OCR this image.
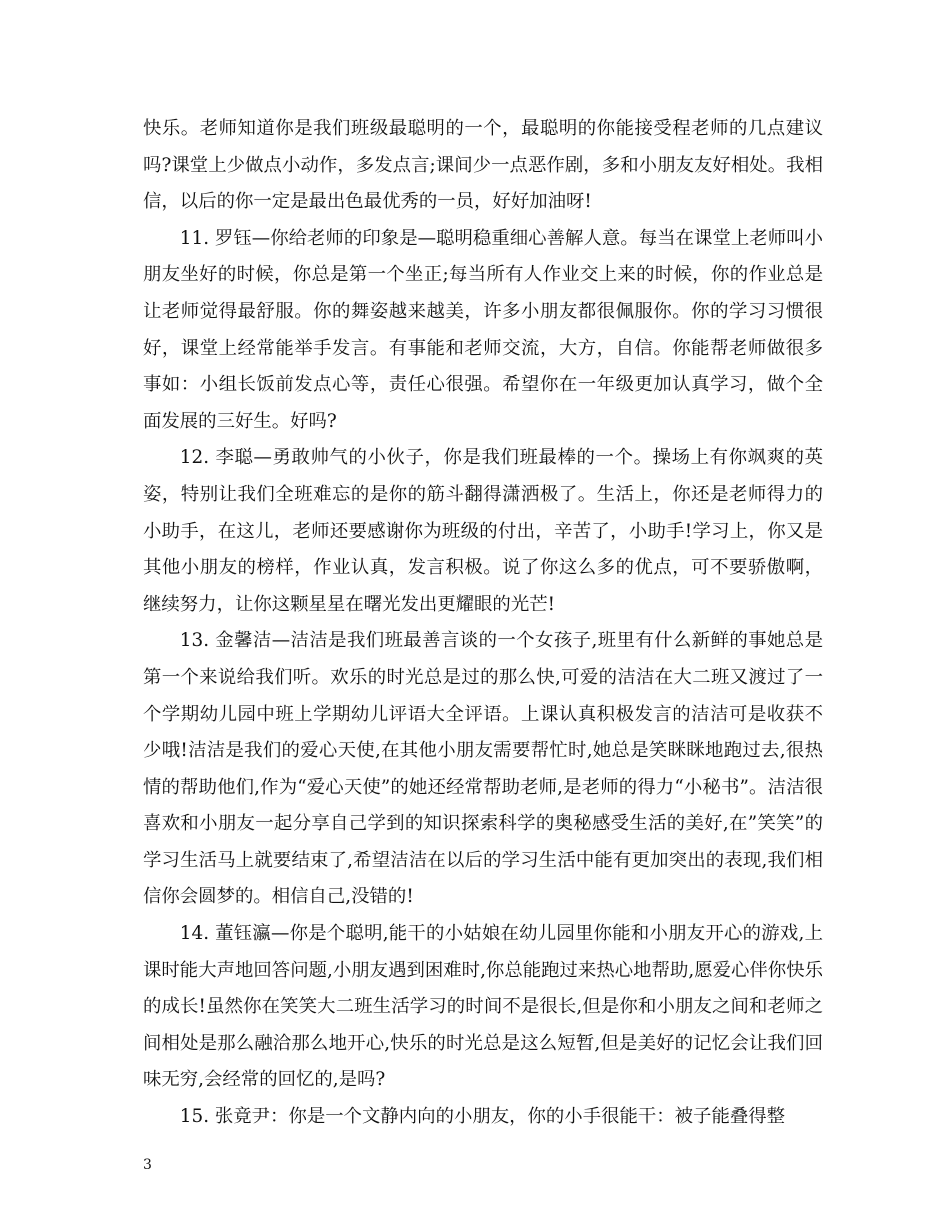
快乐。老师知道你是我们班级最聪明的一个，最聪明的你能接受程老师的几点建议吗?课堂上少做点小动作，多发点言;课间少一点恶作剧，多和小朋友友好相处。我相信，以后的你一定是最出色最优秀的一员，好好加油呀!

11. 罗钰—你给老师的印象是—聪明稳重细心善解人意。每当在课堂上老师叫小朋友坐好的时候，你总是第一个坐正;每当所有人作业交上来的时候，你的作业总是让老师觉得最舒服。你的舞姿越来越美，许多小朋友都很佩服你。你的学习习惯很好，课堂上经常能举手发言。有事能和老师交流，大方，自信。你能帮老师做很多事如：小组长饭前发点心等，责任心很强。希望你在一年级更加认真学习，做个全面发展的三好生。好吗?

12. 李聪—勇敢帅气的小伙子，你是我们班最棒的一个。操场上有你飒爽的英姿，特别让我们全班难忘的是你的筋斗翻得潇洒极了。生活上，你还是老师得力的小助手，在这儿，老师还要感谢你为班级的付出，辛苦了，小助手!学习上，你又是其他小朋友的榜样，作业认真，发言积极。说了你这么多的优点，可不要骄傲啊，继续努力，让你这颗星星在曙光发出更耀眼的光芒!

13. 金馨洁—洁洁是我们班最善言谈的一个女孩子,班里有什么新鲜的事她总是第一个来说给我们听。欢乐的时光总是过的那么快,可爱的洁洁在大二班又渡过了一个学期幼儿园中班上学期幼儿评语大全评语。上课认真积极发言的洁洁可是收获不少哦!洁洁是我们的爱心天使,在其他小朋友需要帮忙时,她总是笑眯眯地跑过去,很热情的帮助他们,作为“爱心天使”的她还经常帮助老师,是老师的得力“小秘书”。洁洁很喜欢和小朋友一起分享自己学到的知识探索科学的奥秘感受生活的美好,在”笑笑”的学习生活马上就要结束了,希望洁洁在以后的学习生活中能有更加突出的表现,我们相信你会圆梦的。相信自己,没错的!

14. 董钰瀛—你是个聪明,能干的小姑娘在幼儿园里你能和小朋友开心的游戏,上课时能大声地回答问题,小朋友遇到困难时,你总能跑过来热心地帮助,愿爱心伴你快乐的成长!虽然你在笑笑大二班生活学习的时间不是很长,但是你和小朋友之间和老师之间相处是那么融洽那么地开心,快乐的时光总是这么短暂,但是美好的记忆会让我们回味无穷,会经常的回忆的,是吗?

15. 张竟尹：你是一个文静内向的小朋友，你的小手很能干：被子能叠得整

3
